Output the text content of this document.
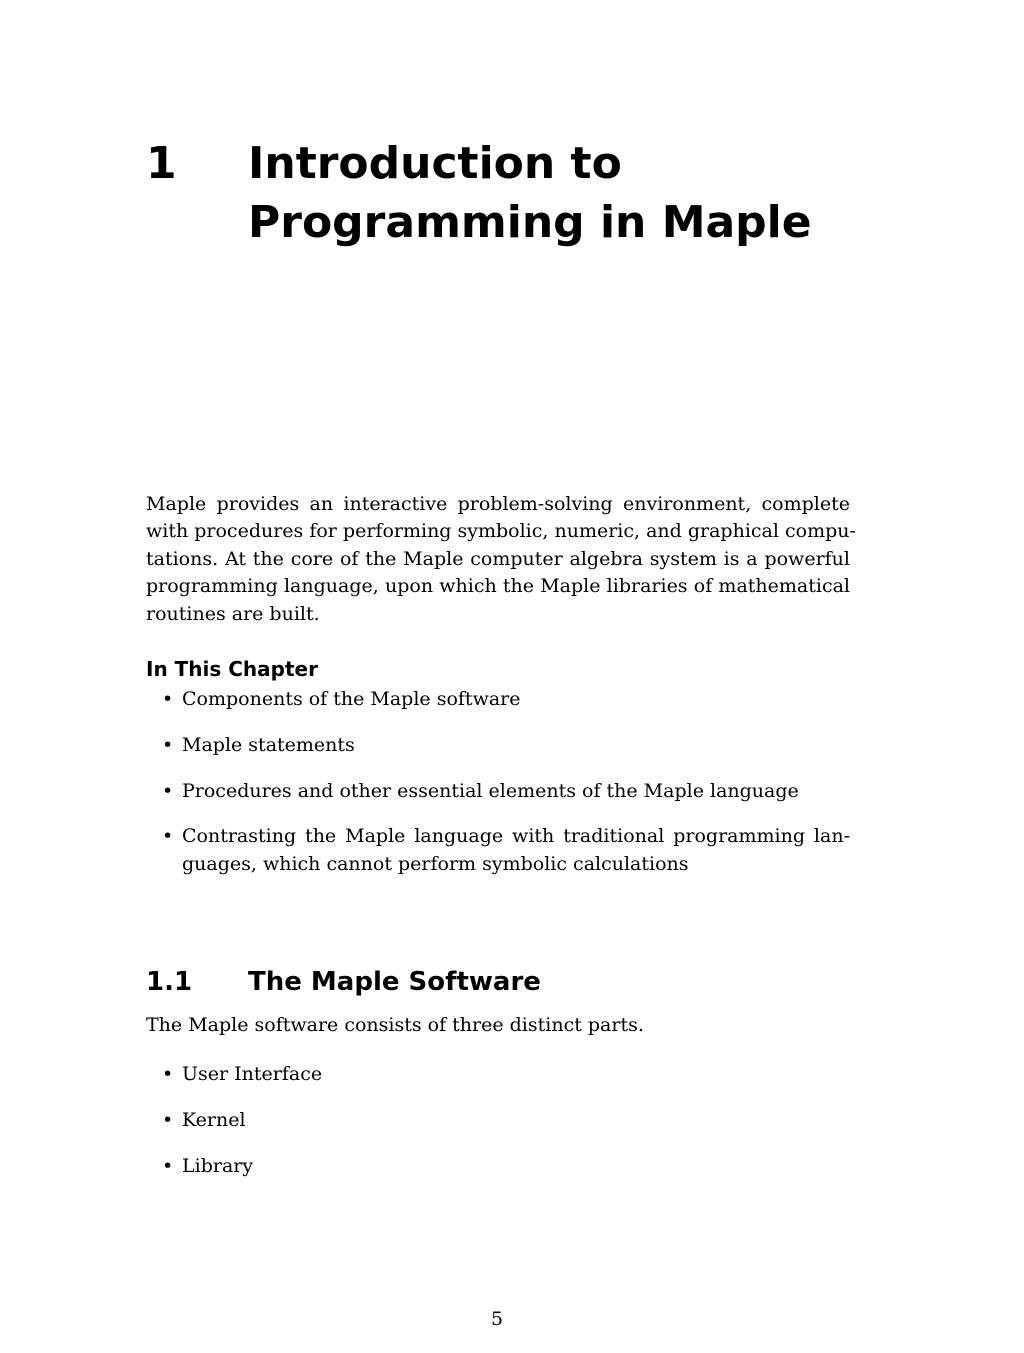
1	Introduction to
Programming in Maple

Maple provides an interactive problem-solving environment, complete
with procedures for performing symbolic, numeric, and graphical compu-
tations. At the core of the Maple computer algebra system is a powerful
programming language, upon which the Maple libraries of mathematical
routines are built.

In This Chapter
• Components of the Maple software
• Maple statements
• Procedures and other essential elements of the Maple language
• Contrasting the Maple language with traditional programming lan-
guages, which cannot perform symbolic calculations
1.1	The Maple Software

The Maple software consists of three distinct parts.

• User Interface
• Kernel
• Library
5
